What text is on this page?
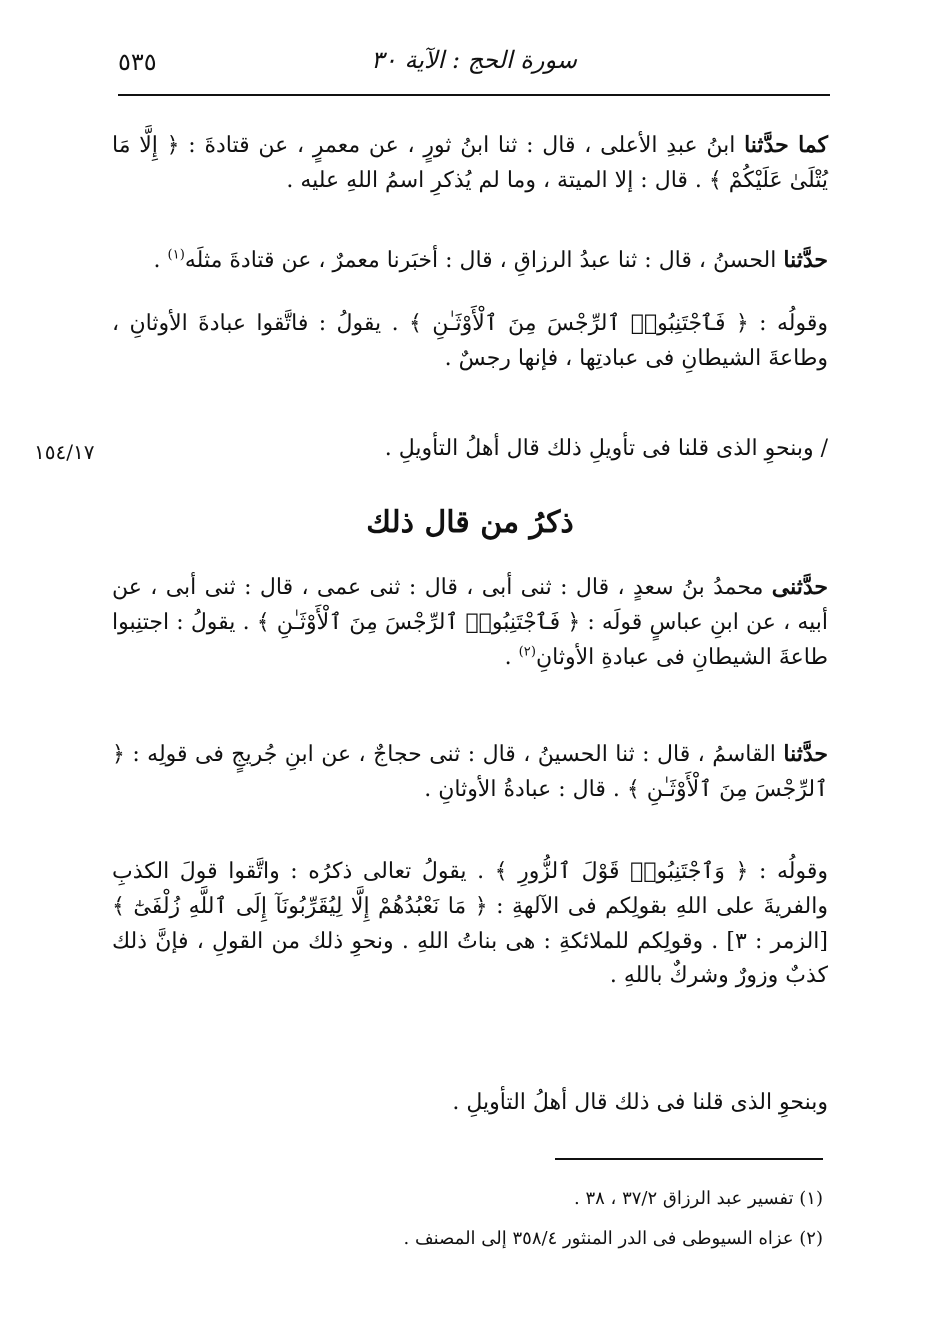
٥٣٥	سورة الحج : الآية ٣٠
كما حدَّثنا ابنُ عبدِ الأعلى ، قال : ثنا ابنُ ثورٍ ، عن معمرٍ ، عن قتادةَ : ﴿ إِلَّا مَا يُتْلَىٰ عَلَيْكُمْ ﴾ . قال : إلا الميتة ، وما لم يُذكرِ اسمُ اللهِ عليه .
حدَّثنا الحسنُ ، قال : ثنا عبدُ الرزاقِ ، قال : أخبَرنا معمرٌ ، عن قتادةَ مثلَه$^{(١)}$ .
وقولُه : ﴿ فَٱجْتَنِبُوا۟ ٱلرِّجْسَ مِنَ ٱلْأَوْثَـٰنِ ﴾ . يقولُ : فاتَّقوا عبادةَ الأوثانِ ، وطاعةَ الشيطانِ فى عبادتِها ، فإنها رجسٌ .
/ وبنحوِ الذى قلنا فى تأويلِ ذلك قال أهلُ التأويلِ .
١٥٤/١٧
ذكرُ من قال ذلك
حدَّثنى محمدُ بنُ سعدٍ ، قال : ثنى أبى ، قال : ثنى عمى ، قال : ثنى أبى ، عن أبيه ، عن ابنِ عباسٍ قولَه : ﴿ فَٱجْتَنِبُوا۟ ٱلرِّجْسَ مِنَ ٱلْأَوْثَـٰنِ ﴾ . يقولُ : اجتنِبوا طاعةَ الشيطانِ فى عبادةِ الأوثانِ$^{(٢)}$ .
حدَّثنا القاسمُ ، قال : ثنا الحسينُ ، قال : ثنى حجاجٌ ، عن ابنِ جُريجٍ فى قولِه : ﴿ ٱلرِّجْسَ مِنَ ٱلْأَوْثَـٰنِ ﴾ . قال : عبادةُ الأوثانِ .
وقولُه : ﴿ وَٱجْتَنِبُوا۟ قَوْلَ ٱلزُّورِ ﴾ . يقولُ تعالى ذكرُه : واتَّقوا قولَ الكذبِ والفريةَ على اللهِ بقولِكم فى الآلهةِ : ﴿ مَا نَعْبُدُهُمْ إِلَّا لِيُقَرِّبُونَآ إِلَى ٱللَّهِ زُلْفَىٰٓ ﴾ [الزمر : ٣] . وقولِكم للملائكةِ : هى بناتُ اللهِ . ونحوِ ذلك من القولِ ، فإنَّ ذلك كذبٌ وزورٌ وشركٌ باللهِ .
وبنحوِ الذى قلنا فى ذلك قال أهلُ التأويلِ .
(١) تفسير عبد الرزاق ٣٧/٢ ، ٣٨ .
(٢) عزاه السيوطى فى الدر المنثور ٣٥٨/٤ إلى المصنف .
